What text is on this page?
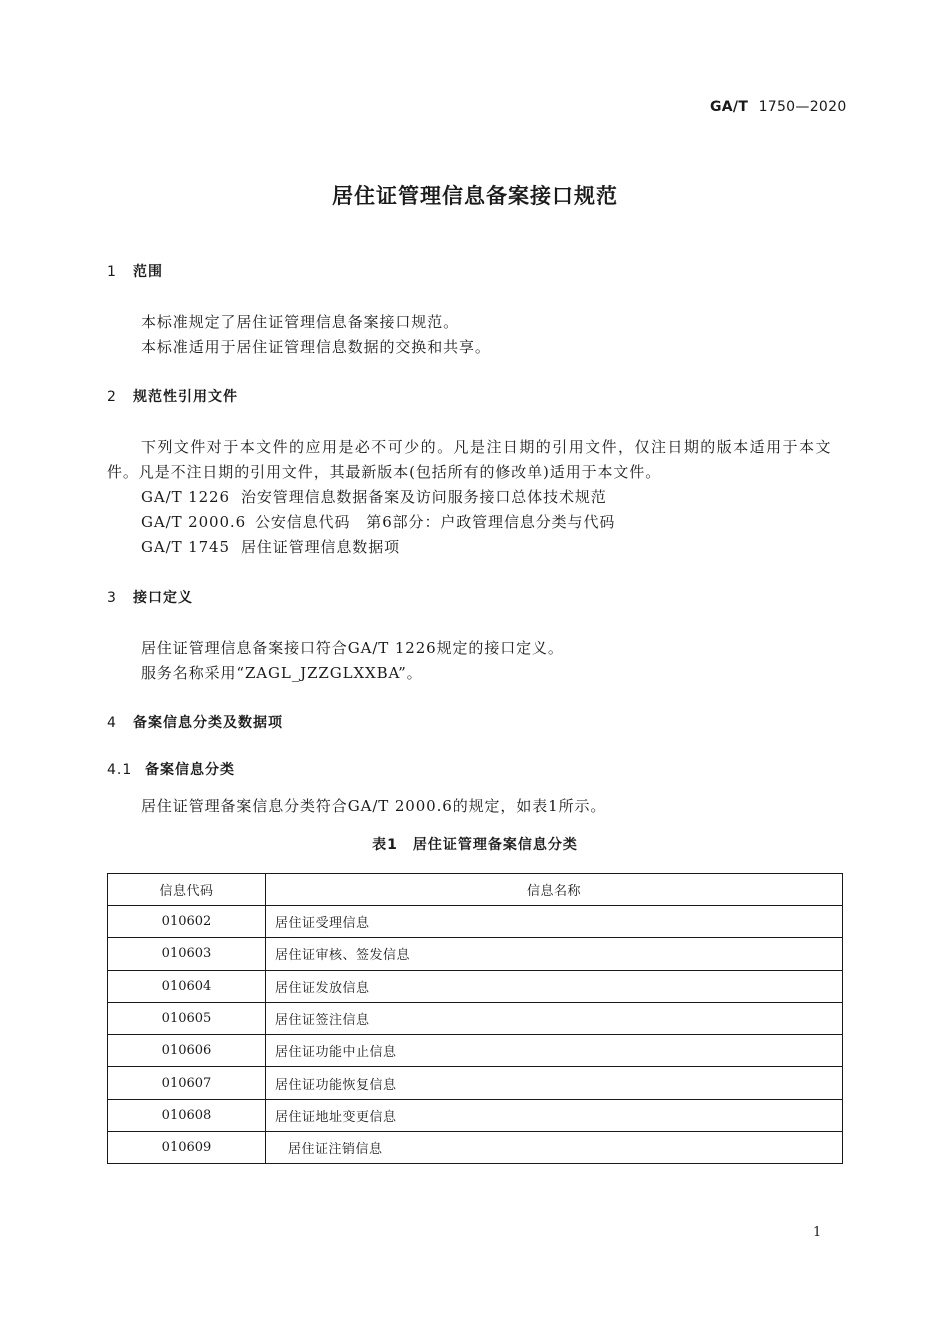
GA/T 1750—2020
居住证管理信息备案接口规范
1 范围
本标准规定了居住证管理信息备案接口规范。
本标准适用于居住证管理信息数据的交换和共享。
2 规范性引用文件
下列文件对于本文件的应用是必不可少的。凡是注日期的引用文件，仅注日期的版本适用于本文
件。凡是不注日期的引用文件，其最新版本(包括所有的修改单)适用于本文件。
GA/T 1226 治安管理信息数据备案及访问服务接口总体技术规范
GA/T 2000.6 公安信息代码　第6部分：户政管理信息分类与代码
GA/T 1745 居住证管理信息数据项
3 接口定义
居住证管理信息备案接口符合GA/T 1226规定的接口定义。
服务名称采用“ZAGL_JZZGLXXBA”。
4 备案信息分类及数据项
4.1 备案信息分类
居住证管理备案信息分类符合GA/T 2000.6的规定，如表1所示。
表1　居住证管理备案信息分类
信息代码	信息名称
010602	居住证受理信息
010603	居住证审核、签发信息
010604	居住证发放信息
010605	居住证签注信息
010606	居住证功能中止信息
010607	居住证功能恢复信息
010608	居住证地址变更信息
010609	居住证注销信息
1
